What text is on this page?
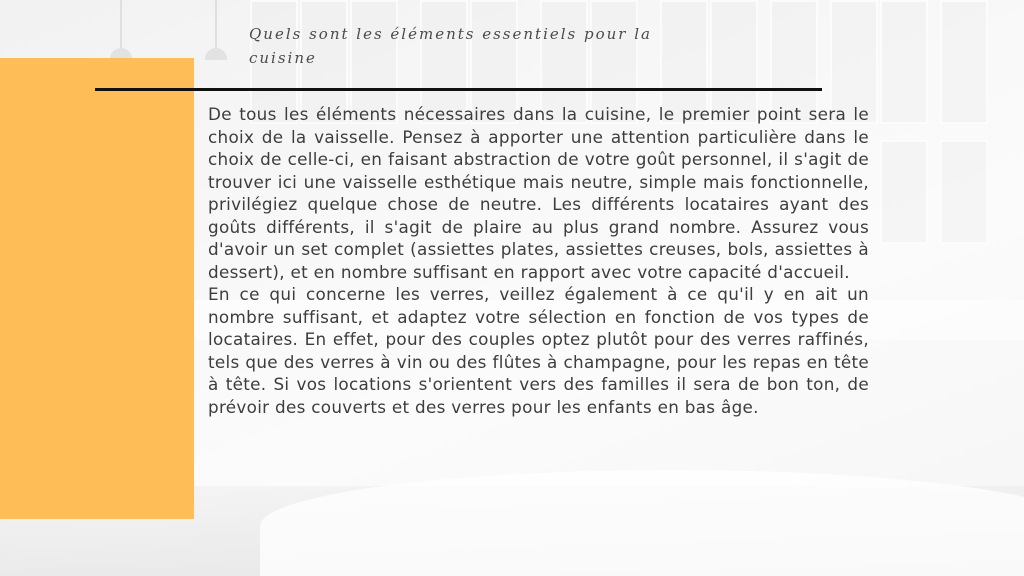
Quels sont les éléments essentiels pour la cuisine

De tous les éléments nécessaires dans la cuisine, le premier point sera le choix de la vaisselle. Pensez à apporter une attention particulière dans le choix de celle-ci, en faisant abstraction de votre goût personnel, il s'agit de trouver ici une vaisselle esthétique mais neutre, simple mais fonctionnelle, privilégiez quelque chose de neutre. Les différents locataires ayant des goûts différents, il s'agit de plaire au plus grand nombre. Assurez vous d'avoir un set complet (assiettes plates, assiettes creuses, bols, assiettes à dessert), et en nombre suffisant en rapport avec votre capacité d'accueil.

En ce qui concerne les verres, veillez également à ce qu'il y en ait un nombre suffisant, et adaptez votre sélection en fonction de vos types de locataires. En effet, pour des couples optez plutôt pour des verres raffinés, tels que des verres à vin ou des flûtes à champagne, pour les repas en tête à tête. Si vos locations s'orientent vers des familles il sera de bon ton, de prévoir des couverts et des verres pour les enfants en bas âge.
